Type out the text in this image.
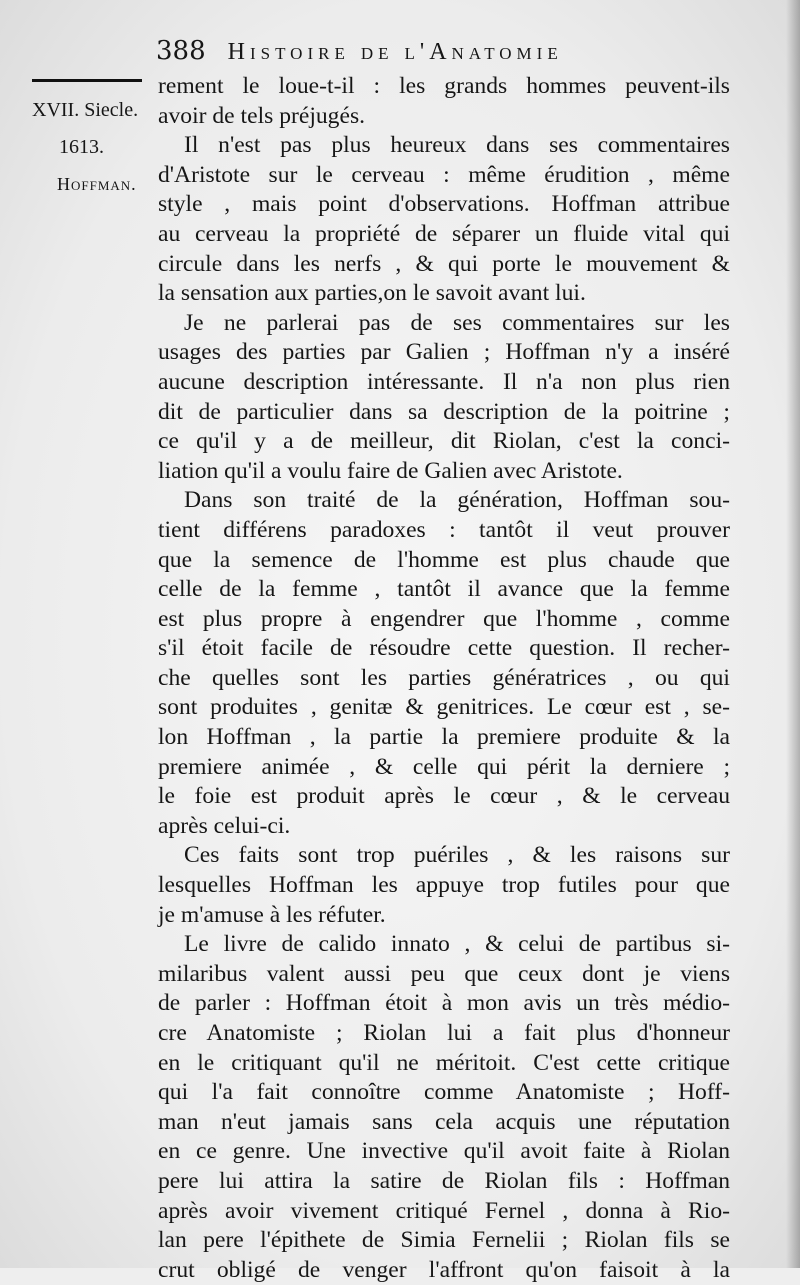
388 Histoire de l'Anatomie
XVII. Siecle.
1613.
Hoffman.
rement le loue-t-il : les grands hommes peuvent-ils
avoir de tels préjugés.
Il n'est pas plus heureux dans ses commentaires
d'Aristote sur le cerveau : même érudition , même
style , mais point d'observations. Hoffman attribue
au cerveau la propriété de séparer un fluide vital qui
circule dans les nerfs , & qui porte le mouvement &
la sensation aux parties,on le savoit avant lui.
Je ne parlerai pas de ses commentaires sur les
usages des parties par Galien ; Hoffman n'y a inséré
aucune description intéressante. Il n'a non plus rien
dit de particulier dans sa description de la poitrine ;
ce qu'il y a de meilleur, dit Riolan, c'est la conci-
liation qu'il a voulu faire de Galien avec Aristote.
Dans son traité de la génération, Hoffman sou-
tient différens paradoxes : tantôt il veut prouver
que la semence de l'homme est plus chaude que
celle de la femme , tantôt il avance que la femme
est plus propre à engendrer que l'homme , comme
s'il étoit facile de résoudre cette question. Il recher-
che quelles sont les parties génératrices , ou qui
sont produites , genitæ & genitrices. Le cœur est , se-
lon Hoffman , la partie la premiere produite & la
premiere animée , & celle qui périt la derniere ;
le foie est produit après le cœur , & le cerveau
après celui-ci.
Ces faits sont trop puériles , & les raisons sur
lesquelles Hoffman les appuye trop futiles pour que
je m'amuse à les réfuter.
Le livre de calido innato , & celui de partibus si-
milaribus valent aussi peu que ceux dont je viens
de parler : Hoffman étoit à mon avis un très médio-
cre Anatomiste ; Riolan lui a fait plus d'honneur
en le critiquant qu'il ne méritoit. C'est cette critique
qui l'a fait connoître comme Anatomiste ; Hoff-
man n'eut jamais sans cela acquis une réputation
en ce genre. Une invective qu'il avoit faite à Riolan
pere lui attira la satire de Riolan fils : Hoffman
après avoir vivement critiqué Fernel , donna à Rio-
lan pere l'épithete de Simia Fernelii ; Riolan fils se
crut obligé de venger l'affront qu'on faisoit à la
